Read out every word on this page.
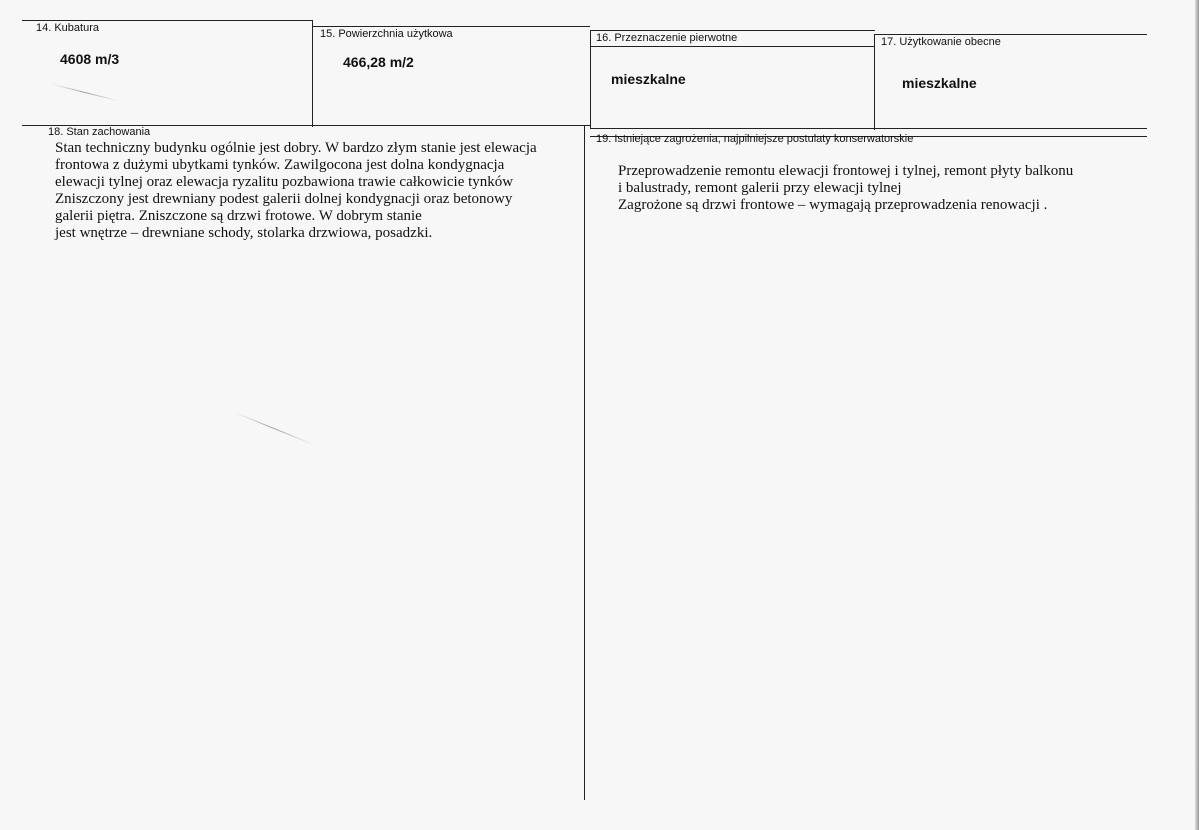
14. Kubatura
4608 m/3
15. Powierzchnia użytkowa
466,28 m/2
16. Przeznaczenie pierwotne
mieszkalne
17. Użytkowanie obecne
mieszkalne
18. Stan zachowania
Stan techniczny budynku ogólnie jest dobry. W bardzo złym stanie jest elewacja
frontowa z dużymi ubytkami tynków. Zawilgocona jest dolna kondygnacja
elewacji tylnej oraz elewacja ryzalitu pozbawiona trawie całkowicie tynków
Zniszczony jest drewniany podest galerii dolnej kondygnacji oraz betonowy
galerii piętra. Zniszczone są drzwi frotowe. W dobrym stanie
jest wnętrze – drewniane schody, stolarka drzwiowa, posadzki.
19. Istniejące zagrożenia, najpilniejsze postulaty konserwatorskie
Przeprowadzenie remontu elewacji frontowej i tylnej, remont płyty balkonu
i balustrady, remont galerii przy elewacji tylnej
Zagrożone są drzwi frontowe – wymagają przeprowadzenia renowacji .
